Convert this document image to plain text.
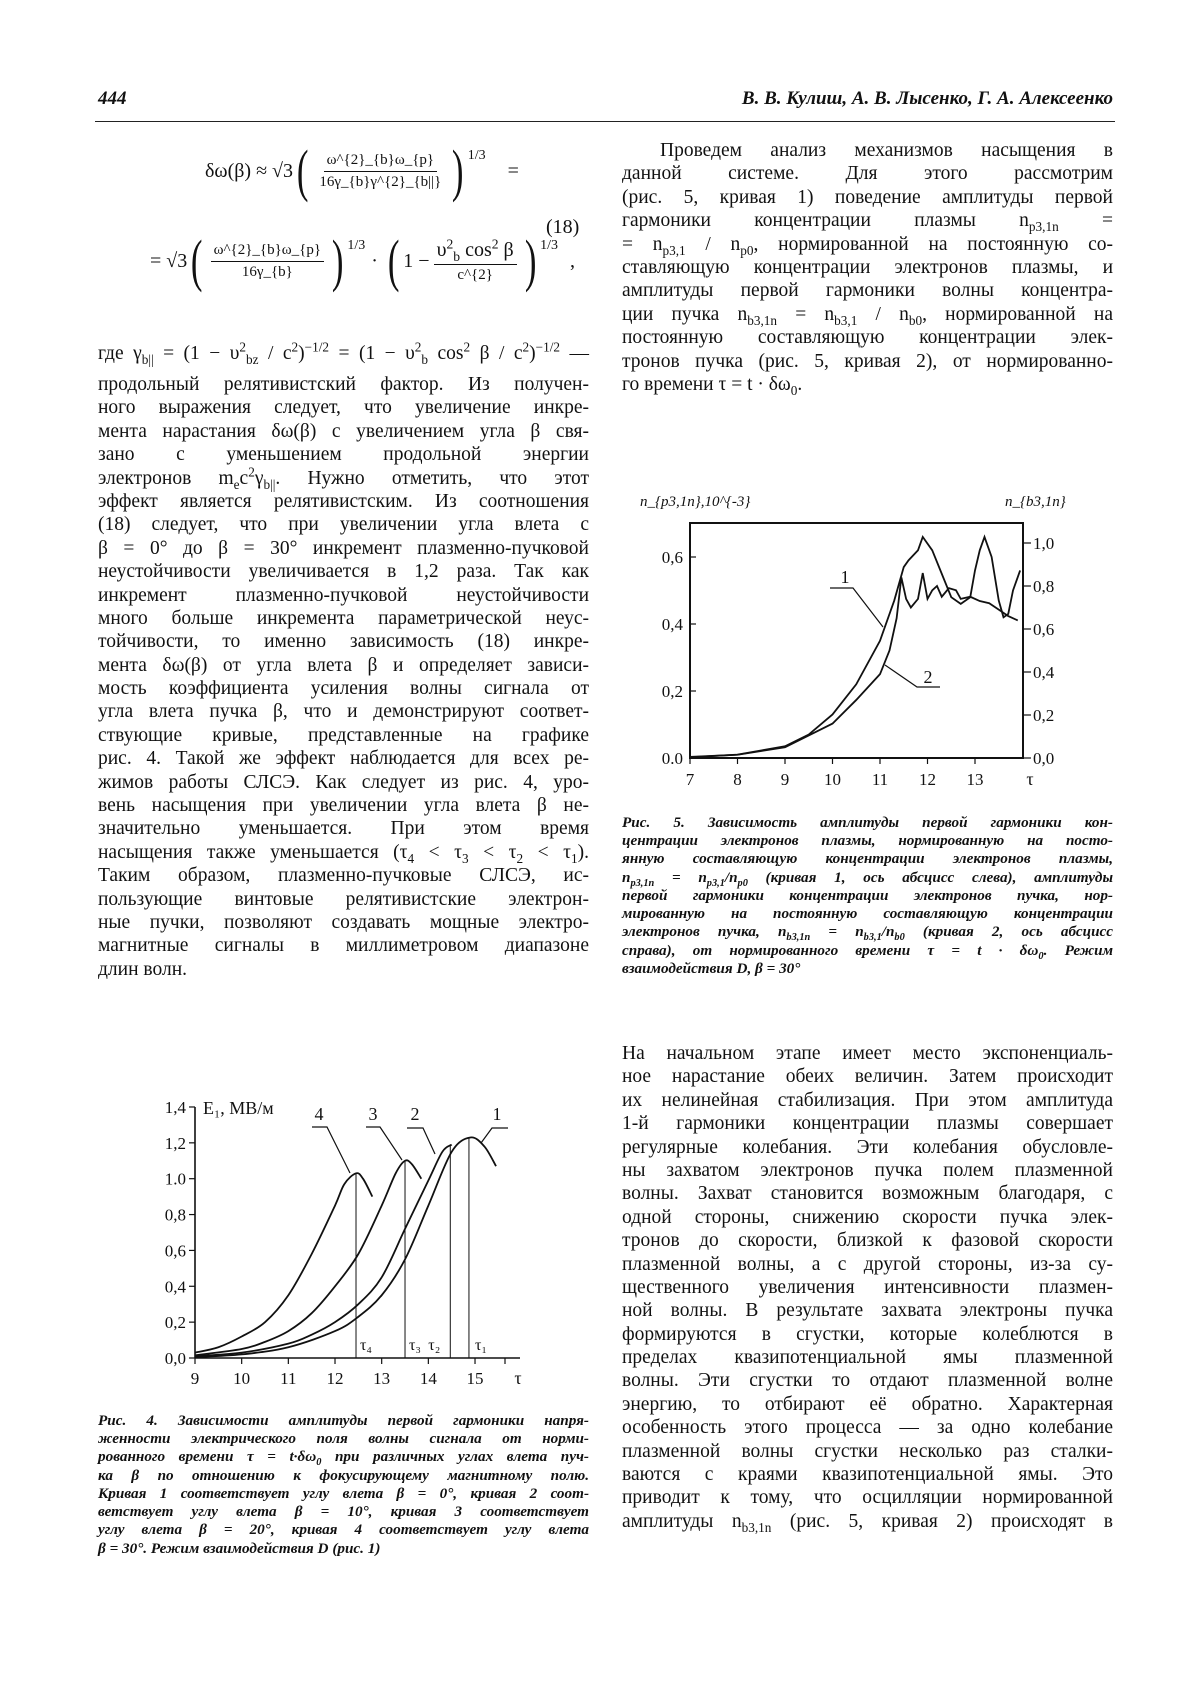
444	В. В. Кулиш, А. В. Лысенко, Г. А. Алексеенко
δω(β) ≈ √3 ( $\frac{\omega\^{}\{2\}\_\{b\}\omega\_\{p\}}{16\gamma\_\{b\}\gamma\^{}\{2\}\_\{b||\}}$ ) 1/3
=
= √3 ( $\frac{\omega\^{}\{2\}\_\{b\}\omega\_\{p\}}{16\gamma\_\{b\}}$ ) 1/3
· ( $1 - \frac{\upsilon^2_b \cos^2 \beta}{c\^{}\{2\}}$ ) 1/3
,
(18)
где $\gamma_{b||} = (1 - \upsilon^2_{bz} / c^2)^{-1/2} = (1 - \upsilon^2_b$ $\cos^2 \beta / c^2)^{-1/2}$ —
продольный релятивистский фактор. Из получен-
ного выражения следует, что увеличение инкре-
мента нарастания δω(β) с увеличением угла β свя-
зано с уменьшением продольной энергии
электронов $m_ec^2\gamma_{b||}$. Нужно отметить, что этот
эффект является релятивистским. Из соотношения
(18) следует, что при увеличении угла влета с
β = 0° до β = 30° инкремент плазменно-пучковой
неустойчивости увеличивается в 1,2 раза. Так как
инкремент плазменно-пучковой неустойчивости
много больше инкремента параметрической неус-
тойчивости, то именно зависимость (18) инкре-
мента δω(β) от угла влета β и определяет зависи-
мость коэффициента усиления волны сигнала от
угла влета пучка β, что и демонстрируют соответ-
ствующие кривые, представленные на графике
рис. 4. Такой же эффект наблюдается для всех ре-
жимов работы СЛСЭ. Как следует из рис. 4, уро-
вень насыщения при увеличении угла влета β не-
значительно уменьшается. При этом время
насыщения также уменьшается $(\tau_4 < \tau_3 < \tau_2 < \tau_1)$.
Таким образом, плазменно-пучковые СЛСЭ, ис-
пользующие винтовые релятивистские электрон-
ные пучки, позволяют создавать мощные электро-
магнитные сигналы в миллиметровом диапазоне
длин волн.
Рис. 4. Зависимости амплитуды первой гармоники напря-
женности электрического поля волны сигнала от норми-
рованного времени $\tau = t\cdot\delta\omega_0$ при различных углах влета пуч-
ка β по отношению к фокусирующему магнитному полю.
Кривая 1 соответствует углу влета β = 0°, кривая 2 соот-
ветствует углу влета β = 10°, кривая 3 соответствует
углу влета β = 20°, кривая 4 соответствует углу влета
β = 30°. Режим взаимодействия D (рис. 1)
Проведем анализ механизмов насыщения в
данной системе. Для этого рассмотрим
(рис. 5, кривая 1) поведение амплитуды первой
гармоники концентрации плазмы $n_{p3,1n}$ =
= $n_{p3,1} / n_{p0}$, нормированной на постоянную со-
ставляющую концентрации электронов плазмы, и
амплитуды первой гармоники волны концентра-
ции пучка $n_{b3,1n} = n_{b3,1} / n_{b0}$, нормированной на
постоянную составляющую концентрации элек-
тронов пучка (рис. 5, кривая 2), от нормированно-
го времени $\tau = t \cdot \delta\omega_0$.
Рис. 5. Зависимость амплитуды первой гармоники кон-
центрации электронов плазмы, нормированную на посто-
янную составляющую концентрации электронов плазмы,
$n_{p3,1n} = n_{p3,1}/n_{p0}$ (кривая 1, ось абсцисс слева), амплитуды
первой гармоники концентрации электронов пучка, нор-
мированную на постоянную составляющую концентрации
электронов пучка, $n_{b3,1n} = n_{b3,1}/n_{b0}$ (кривая 2, ось абсцисс
справа), от нормированного времени $\tau = t \cdot \delta\omega_0$. Режим
взаимодействия D, β = 30°
На начальном этапе имеет место экспоненциаль-
ное нарастание обеих величин. Затем происходит
их нелинейная стабилизация. При этом амплитуда
1-й гармоники концентрации плазмы совершает
регулярные колебания. Эти колебания обусловле-
ны захватом электронов пучка полем плазменной
волны. Захват становится возможным благодаря, с
одной стороны, снижению скорости пучка элек-
тронов до скорости, близкой к фазовой скорости
плазменной волны, а с другой стороны, из-за су-
щественного увеличения интенсивности плазмен-
ной волны. В результате захвата электроны пучка
формируются в сгустки, которые колеблются в
пределах квазипотенциальной ямы плазменной
волны. Эти сгустки то отдают плазменной волне
энергию, то отбирают её обратно. Характерная
особенность этого процесса — за одно колебание
плазменной волны сгустки несколько раз сталки-
ваются с краями квазипотенциальной ямы. Это
приводит к тому, что осцилляции нормированной
амплитуды $n_{b3,1n}$ (рис. 5, кривая 2) происходят в
0,0
0,2
0,4
0,6
0,8
1.0
1,2
1,4
9 10 11 12 13 14 15 τ
E₁, МВ/м
τ₄ τ₃ τ₂ τ₁
1
2
3
4
0.0
0,2
0,4
0,6
0,0
0,2
0,4
0,6
0,8
1,0
7 8 9 10 11 12 13 τ
1
2
n_{p3,1n},10^{-3}	n_{b3,1n}
